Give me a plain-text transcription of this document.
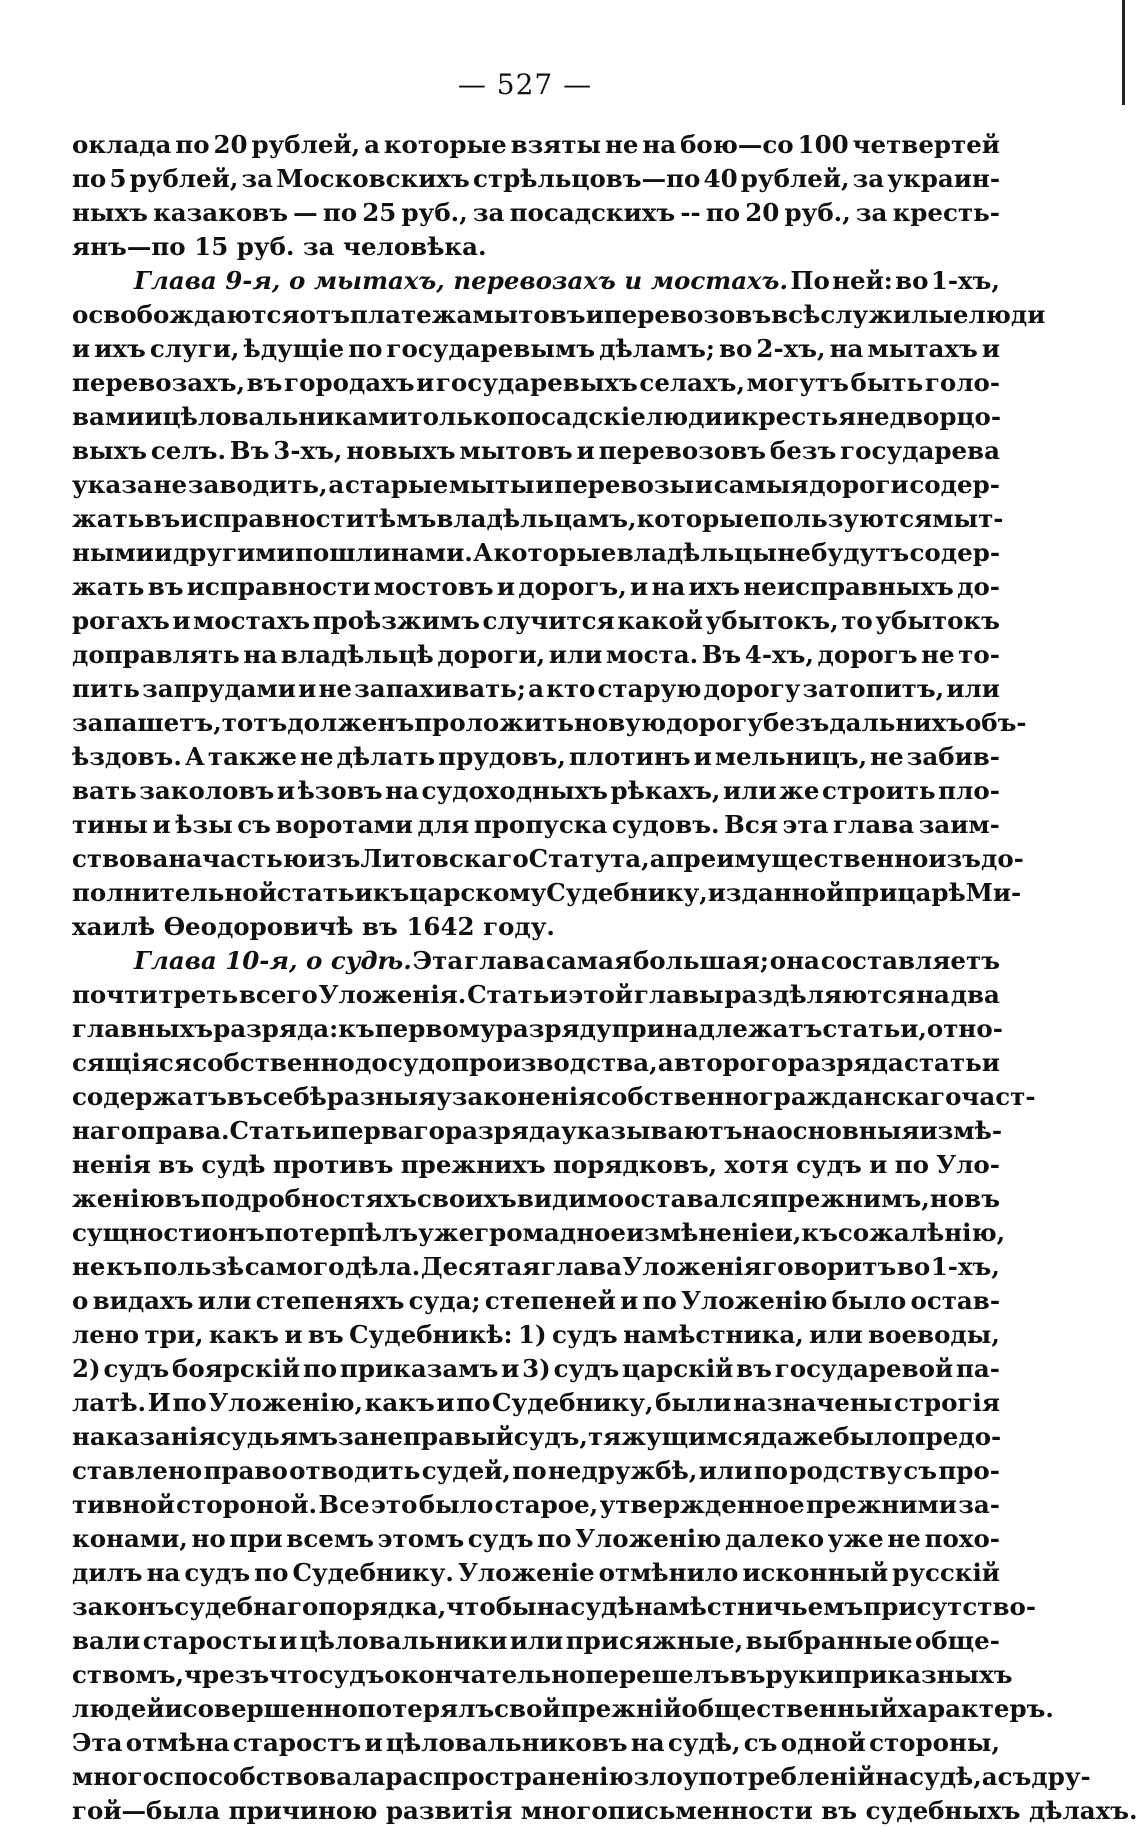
— 527 —
оклада по 20 рублей, а которые взяты не на бою—со 100 четвертей
по 5 рублей, за Московскихъ стрѣльцовъ—по 40 рублей, за украин-
ныхъ казаковъ — по 25 руб., за посадскихъ -- по 20 руб., за кресть-
янъ—по 15 руб. за человѣка.
Глава 9-я, о мытахъ, перевозахъ и мостахъ. По ней: во 1-хъ,
освобождаются отъ платежа мытовъ и перевозовъ всѣ служилые люди
и ихъ слуги, ѣдущіе по государевымъ дѣламъ; во 2-хъ, на мытахъ и
перевозахъ, въ городахъ и государевыхъ селахъ, могутъ быть голо-
вами и цѣловальниками только посадскіе люди и крестьяне дворцо-
выхъ селъ. Въ 3-хъ, новыхъ мытовъ и перевозовъ безъ государева
указа не заводить, а старые мыты и перевозы и самыя дороги содер-
жать въ исправности тѣмъ владѣльцамъ, которые пользуются мыт-
ными и другими пошлинами. А которые владѣльцы не будутъ содер-
жать въ исправности мостовъ и дорогъ, и на ихъ неисправныхъ до-
рогахъ и мостахъ проѣзжимъ случится какой убытокъ, то убытокъ
доправлять на владѣльцѣ дороги, или моста. Въ 4-хъ, дорогъ не то-
пить запрудами и не запахивать; а кто старую дорогу затопитъ, или
запашетъ, тотъ долженъ проложить новую дорогу безъ дальнихъ объ-
ѣздовъ. А также не дѣлать прудовъ, плотинъ и мельницъ, не забив-
вать заколовъ и ѣзовъ на судоходныхъ рѣкахъ, или же строить пло-
тины и ѣзы съ воротами для пропуска судовъ. Вся эта глава заим-
ствована частью изъ Литовскаго Статута, а преимущественно изъ до-
полнительной статьи къ царскому Судебнику, изданной при царѣ Ми-
хаилѣ Өеодоровичѣ въ 1642 году.
Глава 10-я, о судѣ. Эта глава самая большая; она составляетъ
почти треть всего Уложенія. Статьи этой главы раздѣляются на два
главныхъ разряда: къ первому разряду принадлежатъ статьи, отно-
сящіяся собственно до судопроизводства, а второго разряда статьи
содержатъ въ себѣ разныя узаконенія собственно гражданскаго част-
наго права. Статьи перваго разряда указываютъ на основныя измѣ-
ненія въ судѣ противъ прежнихъ порядковъ, хотя судъ и по Уло-
женію въ подробностяхъ своихъ видимо оставался прежнимъ, но въ
сущности онъ потерпѣлъ уже громадное измѣненіе и, къ сожалѣнію,
не къ пользѣ самого дѣла. Десятая глава Уложенія говоритъ во 1-хъ,
о видахъ или степеняхъ суда; степеней и по Уложенію было остав-
лено три, какъ и въ Судебникѣ: 1) судъ намѣстника, или воеводы,
2) судъ боярскій по приказамъ и 3) судъ царскій въ государевой па-
латѣ. И по Уложенію, какъ и по Судебнику, были назначены строгія
наказанія судьямъ за неправый судъ, тяжущимся даже было предо-
ставлено право отводить судей, по недружбѣ, или по родству съ про-
тивной стороной. Все это было старое, утвержденное прежними за-
конами, но при всемъ этомъ судъ по Уложенію далеко уже не похо-
дилъ на судъ по Судебнику. Уложеніе отмѣнило исконный русскій
законъ судебнаго порядка, чтобы на судѣ намѣстничьемъ присутство-
вали старосты и цѣловальники или присяжные, выбранные обще-
ствомъ, чрезъ что судъ окончательно перешелъ въ руки приказныхъ
людей и совершенно потерялъ свой прежній общественный характеръ.
Эта отмѣна старостъ и цѣловальниковъ на судѣ, съ одной стороны,
много способствовала распространенію злоупотребленій на судѣ, а съ дру-
гой—была причиною развитія многописьменности въ судебныхъ дѣлахъ.
